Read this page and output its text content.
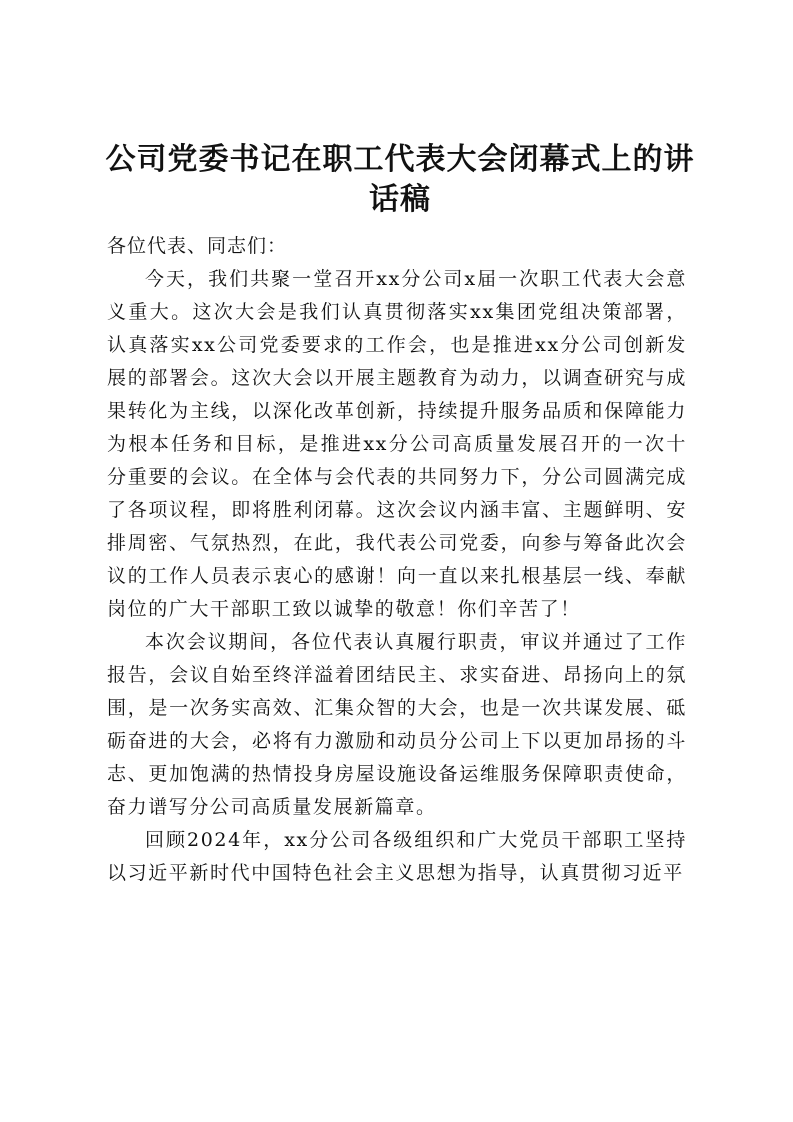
公司党委书记在职工代表大会闭幕式上的讲话稿

各位代表、同志们：

今天，我们共聚一堂召开xx分公司x届一次职工代表大会意义重大。这次大会是我们认真贯彻落实xx集团党组决策部署，认真落实xx公司党委要求的工作会，也是推进xx分公司创新发展的部署会。这次大会以开展主题教育为动力，以调查研究与成果转化为主线，以深化改革创新，持续提升服务品质和保障能力为根本任务和目标，是推进xx分公司高质量发展召开的一次十分重要的会议。在全体与会代表的共同努力下，分公司圆满完成了各项议程，即将胜利闭幕。这次会议内涵丰富、主题鲜明、安排周密、气氛热烈，在此，我代表公司党委，向参与筹备此次会议的工作人员表示衷心的感谢！向一直以来扎根基层一线、奉献岗位的广大干部职工致以诚挚的敬意！你们辛苦了！

本次会议期间，各位代表认真履行职责，审议并通过了工作报告，会议自始至终洋溢着团结民主、求实奋进、昂扬向上的氛围，是一次务实高效、汇集众智的大会，也是一次共谋发展、砥砺奋进的大会，必将有力激励和动员分公司上下以更加昂扬的斗志、更加饱满的热情投身房屋设施设备运维服务保障职责使命，奋力谱写分公司高质量发展新篇章。

回顾2024年，xx分公司各级组织和广大党员干部职工坚持以习近平新时代中国特色社会主义思想为指导，认真贯彻习近平
